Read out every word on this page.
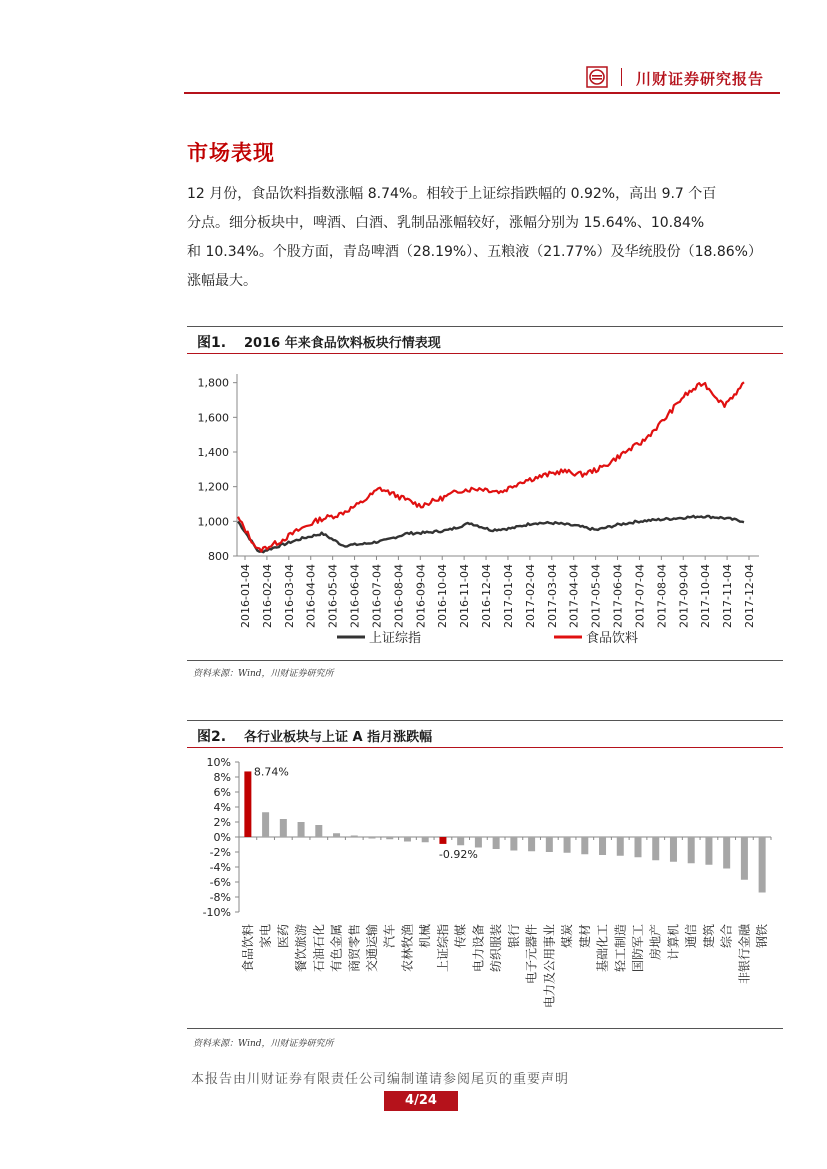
川财证券研究报告
市场表现
12 月份，食品饮料指数涨幅 8.74%。相较于上证综指跌幅的 0.92%，高出 9.7 个百
分点。细分板块中，啤酒、白酒、乳制品涨幅较好，涨幅分别为 15.64%、10.84%
和 10.34%。个股方面，青岛啤酒（28.19%）、五粮液（21.77%）及华统股份（18.86%）
涨幅最大。
图1. 2016 年来食品饮料板块行情表现
800
1,000
1,200
1,400
1,600
1,800
2016-01-04 2016-02-04 2016-03-04 2016-04-04 2016-05-04 2016-06-04 2016-07-04 2016-08-04 2016-09-04 2016-10-04 2016-11-04 2016-12-04 2017-01-04 2017-02-04 2017-03-04 2017-04-04 2017-05-04 2017-06-04 2017-07-04 2017-08-04 2017-09-04 2017-10-04 2017-11-04 2017-12-04
上证综指	食品饮料
资料来源：Wind，川财证券研究所
图2. 各行业板块与上证 A 指月涨跌幅
10%
8%
6%
4%
2%
0%
-2%
-4%
-6%
-8%
-10%
食品饮料 家电 医药 餐饮旅游 石油石化 有色金属 商贸零售 交通运输 汽车 农林牧渔 机械 上证综指 传媒 电力设备 纺织服装 银行 电子元器件 电力及公用事业 煤炭 建材 基础化工 轻工制造 国防军工 房地产 计算机 通信 建筑 综合 非银行金融 钢铁
8.74%
-0.92%
资料来源：Wind，川财证券研究所
本报告由川财证券有限责任公司编制谨请参阅尾页的重要声明
4/24
